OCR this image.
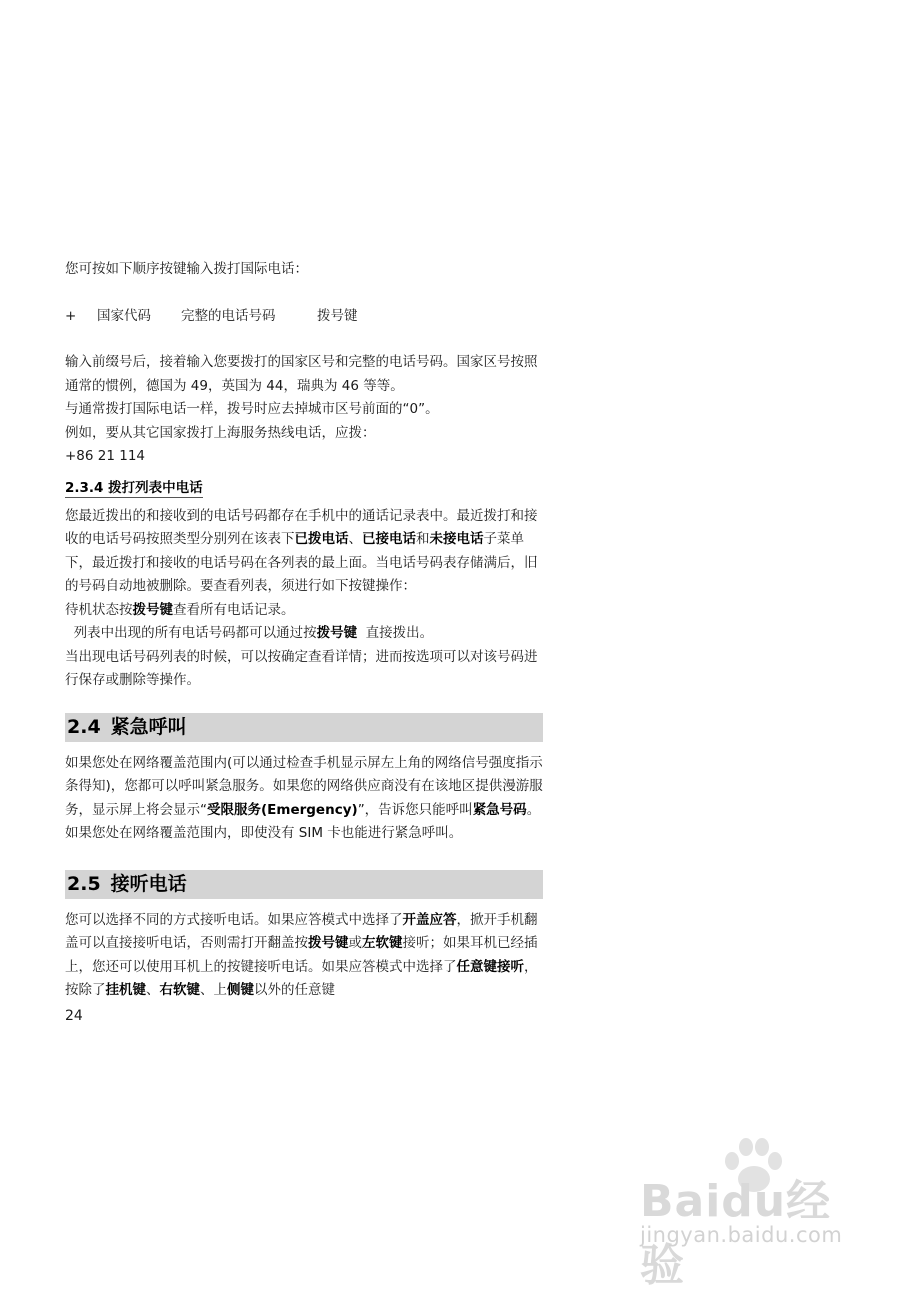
您可按如下顺序按键输入拨打国际电话：

+ 国家代码 完整的电话号码	拨号键

输入前缀号后，接着输入您要拨打的国家区号和完整的电话号码。国家区号按照通常的惯例，德国为 49，英国为 44，瑞典为 46 等等。

与通常拨打国际电话一样，拨号时应去掉城市区号前面的“0”。

例如，要从其它国家拨打上海服务热线电话，应拨：

+86 21 114

2.3.4 拨打列表中电话

您最近拨出的和接收到的电话号码都存在手机中的通话记录表中。最近拨打和接收的电话号码按照类型分别列在该表下已拨电话、已接电话和未接电话子菜单下，最近拨打和接收的电话号码在各列表的最上面。当电话号码表存储满后，旧的号码自动地被删除。要查看列表，须进行如下按键操作：

待机状态按拨号键查看所有电话记录。

列表中出现的所有电话号码都可以通过按拨号键  直接拨出。

当出现电话号码列表的时候，可以按确定查看详情；进而按选项可以对该号码进行保存或删除等操作。

2.4 紧急呼叫

如果您处在网络覆盖范围内(可以通过检查手机显示屏左上角的网络信号强度指示条得知)，您都可以呼叫紧急服务。如果您的网络供应商没有在该地区提供漫游服务，显示屏上将会显示“受限服务(Emergency)”，告诉您只能呼叫紧急号码。如果您处在网络覆盖范围内，即使没有 SIM 卡也能进行紧急呼叫。

2.5 接听电话

您可以选择不同的方式接听电话。如果应答模式中选择了开盖应答，掀开手机翻盖可以直接接听电话，否则需打开翻盖按拨号键或左软键接听；如果耳机已经插上，您还可以使用耳机上的按键接听电话。如果应答模式中选择了任意键接听，按除了挂机键、右软键、上侧键以外的任意键

24
Baidu经验
jingyan.baidu.com
